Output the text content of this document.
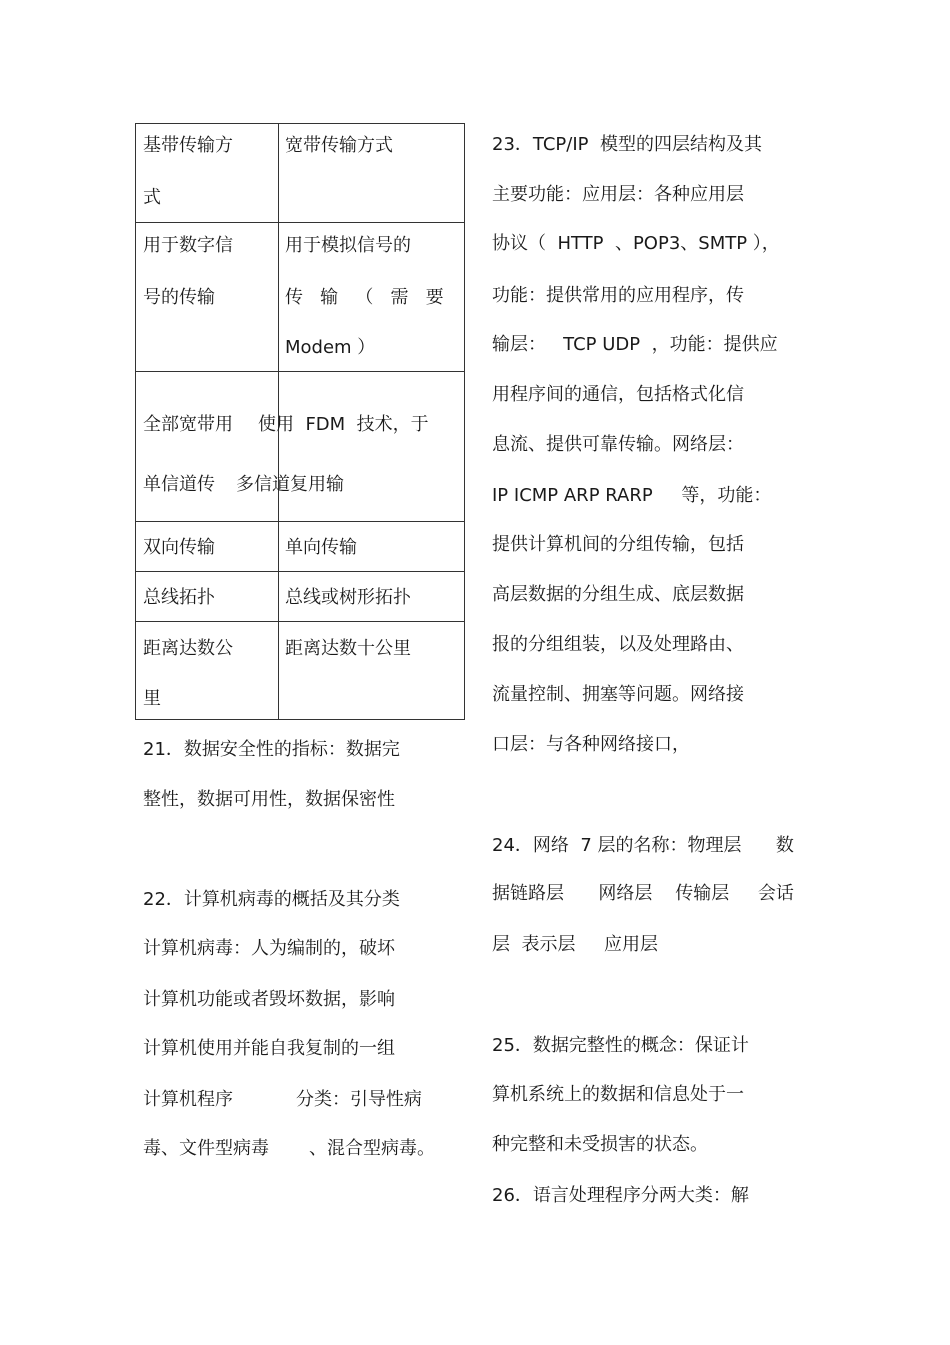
基带传输方
式
宽带传输方式
用于数字信
号的传输
用于模拟信号的
传   输   （   需   要
Modem ）
全部宽带用
单信道传
使用  FDM  技术，于
多信道复用输
双向传输	单向传输
总线拓扑	总线或树形拓扑
距离达数公
里
距离达数十公里
21．数据安全性的指标：数据完
整性，数据可用性，数据保密性
22．计算机病毒的概括及其分类
计算机病毒：人为编制的，破坏
计算机功能或者毁坏数据，影响
计算机使用并能自我复制的一组
计算机程序           分类：引导性病
毒、文件型病毒       、混合型病毒。
23．TCP/IP  模型的四层结构及其
主要功能：应用层：各种应用层
协议（  HTTP  、POP3、SMTP ），
功能：提供常用的应用程序，传
输层：   TCP UDP  ，功能：提供应
用程序间的通信，包括格式化信
息流、提供可靠传输。网络层：
IP ICMP ARP RARP     等，功能：
提供计算机间的分组传输，包括
高层数据的分组生成、底层数据
报的分组组装，以及处理路由、
流量控制、拥塞等问题。网络接
口层：与各种网络接口，
24．网络  7 层的名称：物理层      数
据链路层      网络层    传输层     会话
层  表示层     应用层
25．数据完整性的概念：保证计
算机系统上的数据和信息处于一
种完整和未受损害的状态。
26．语言处理程序分两大类：解
